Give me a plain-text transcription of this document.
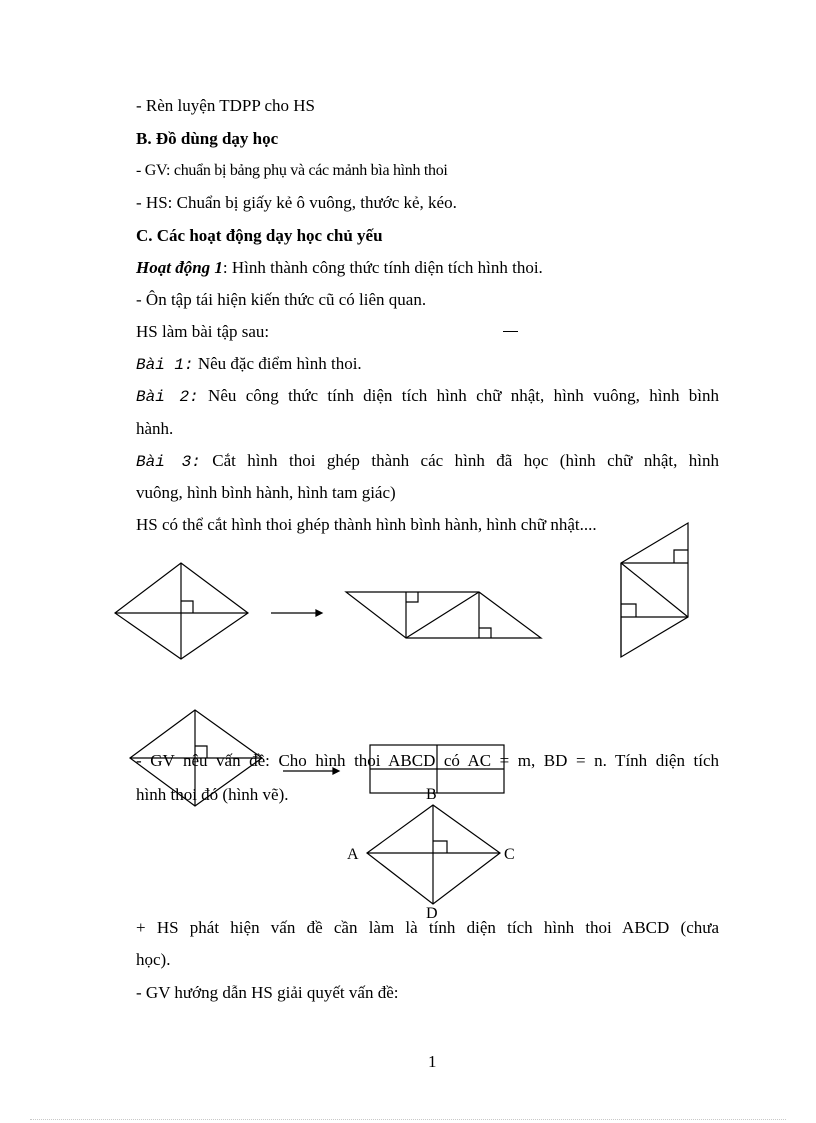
- Rèn luyện TDPP cho HS
B. Đồ dùng dạy học
- GV: chuẩn bị bảng phụ và các mảnh bìa hình thoi
- HS: Chuẩn bị giấy kẻ ô vuông, thước kẻ, kéo.
C. Các hoạt động dạy học chủ yếu
Hoạt động 1: Hình thành công thức tính diện tích hình thoi.
- Ôn tập tái hiện kiến thức cũ có liên quan.
HS làm bài tập sau:
Bài 1: Nêu đặc điểm hình thoi.
Bài 2: Nêu công thức tính diện tích hình chữ nhật, hình vuông, hình bình
hành.
Bài 3: Cắt hình thoi ghép thành các hình đã học (hình chữ nhật, hình
vuông, hình bình hành, hình tam giác)
HS có thể cắt hình thoi ghép thành hình bình hành, hình chữ nhật....
- GV nêu vấn đề: Cho hình thoi ABCD có AC = m, BD = n. Tính diện tích
hình thoi đó (hình vẽ).	B
A	C
D
+ HS phát hiện vấn đề cần làm là tính diện tích hình thoi ABCD (chưa
học).
- GV hướng dẫn HS giải quyết vấn đề:
1
